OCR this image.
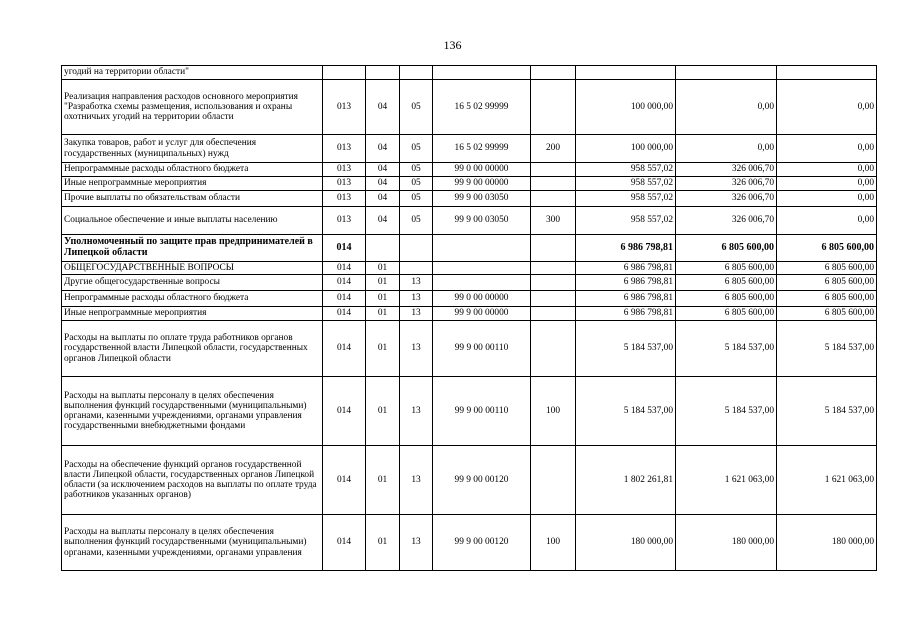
136
угодий на территории области"								
Реализация направления расходов основного мероприятия "Разработка схемы размещения, использования и охраны охотничьих угодий на территории области	013	04	05	16 5 02 99999		100 000,00	0,00	0,00
Закупка товаров, работ и услуг для обеспечения государственных (муниципальных) нужд	013	04	05	16 5 02 99999	200	100 000,00	0,00	0,00
Непрограммные расходы областного бюджета	013	04	05	99 0 00 00000		958 557,02	326 006,70	0,00
Иные непрограммные мероприятия	013	04	05	99 9 00 00000		958 557,02	326 006,70	0,00
Прочие выплаты по обязательствам области	013	04	05	99 9 00 03050		958 557,02	326 006,70	0,00
Социальное обеспечение и иные выплаты населению	013	04	05	99 9 00 03050	300	958 557,02	326 006,70	0,00
Уполномоченный по защите прав предпринимателей в Липецкой области	014					6 986 798,81	6 805 600,00	6 805 600,00
ОБЩЕГОСУДАРСТВЕННЫЕ ВОПРОСЫ	014	01				6 986 798,81	6 805 600,00	6 805 600,00
Другие общегосударственные вопросы	014	01	13			6 986 798,81	6 805 600,00	6 805 600,00
Непрограммные расходы областного бюджета	014	01	13	99 0 00 00000		6 986 798,81	6 805 600,00	6 805 600,00
Иные непрограммные мероприятия	014	01	13	99 9 00 00000		6 986 798,81	6 805 600,00	6 805 600,00
Расходы на выплаты по оплате труда работников органов государственной власти Липецкой области, государственных органов Липецкой области	014	01	13	99 9 00 00110		5 184 537,00	5 184 537,00	5 184 537,00
Расходы на выплаты персоналу в целях обеспечения выполнения функций государственными (муниципальными) органами, казенными учреждениями, органами управления государственными внебюджетными фондами	014	01	13	99 9 00 00110	100	5 184 537,00	5 184 537,00	5 184 537,00
Расходы на обеспечение функций органов государственной власти Липецкой области, государственных органов Липецкой области (за исключением расходов на выплаты по оплате труда работников указанных органов)	014	01	13	99 9 00 00120		1 802 261,81	1 621 063,00	1 621 063,00
Расходы на выплаты персоналу в целях обеспечения выполнения функций государственными (муниципальными) органами, казенными учреждениями, органами управления	014	01	13	99 9 00 00120	100	180 000,00	180 000,00	180 000,00
